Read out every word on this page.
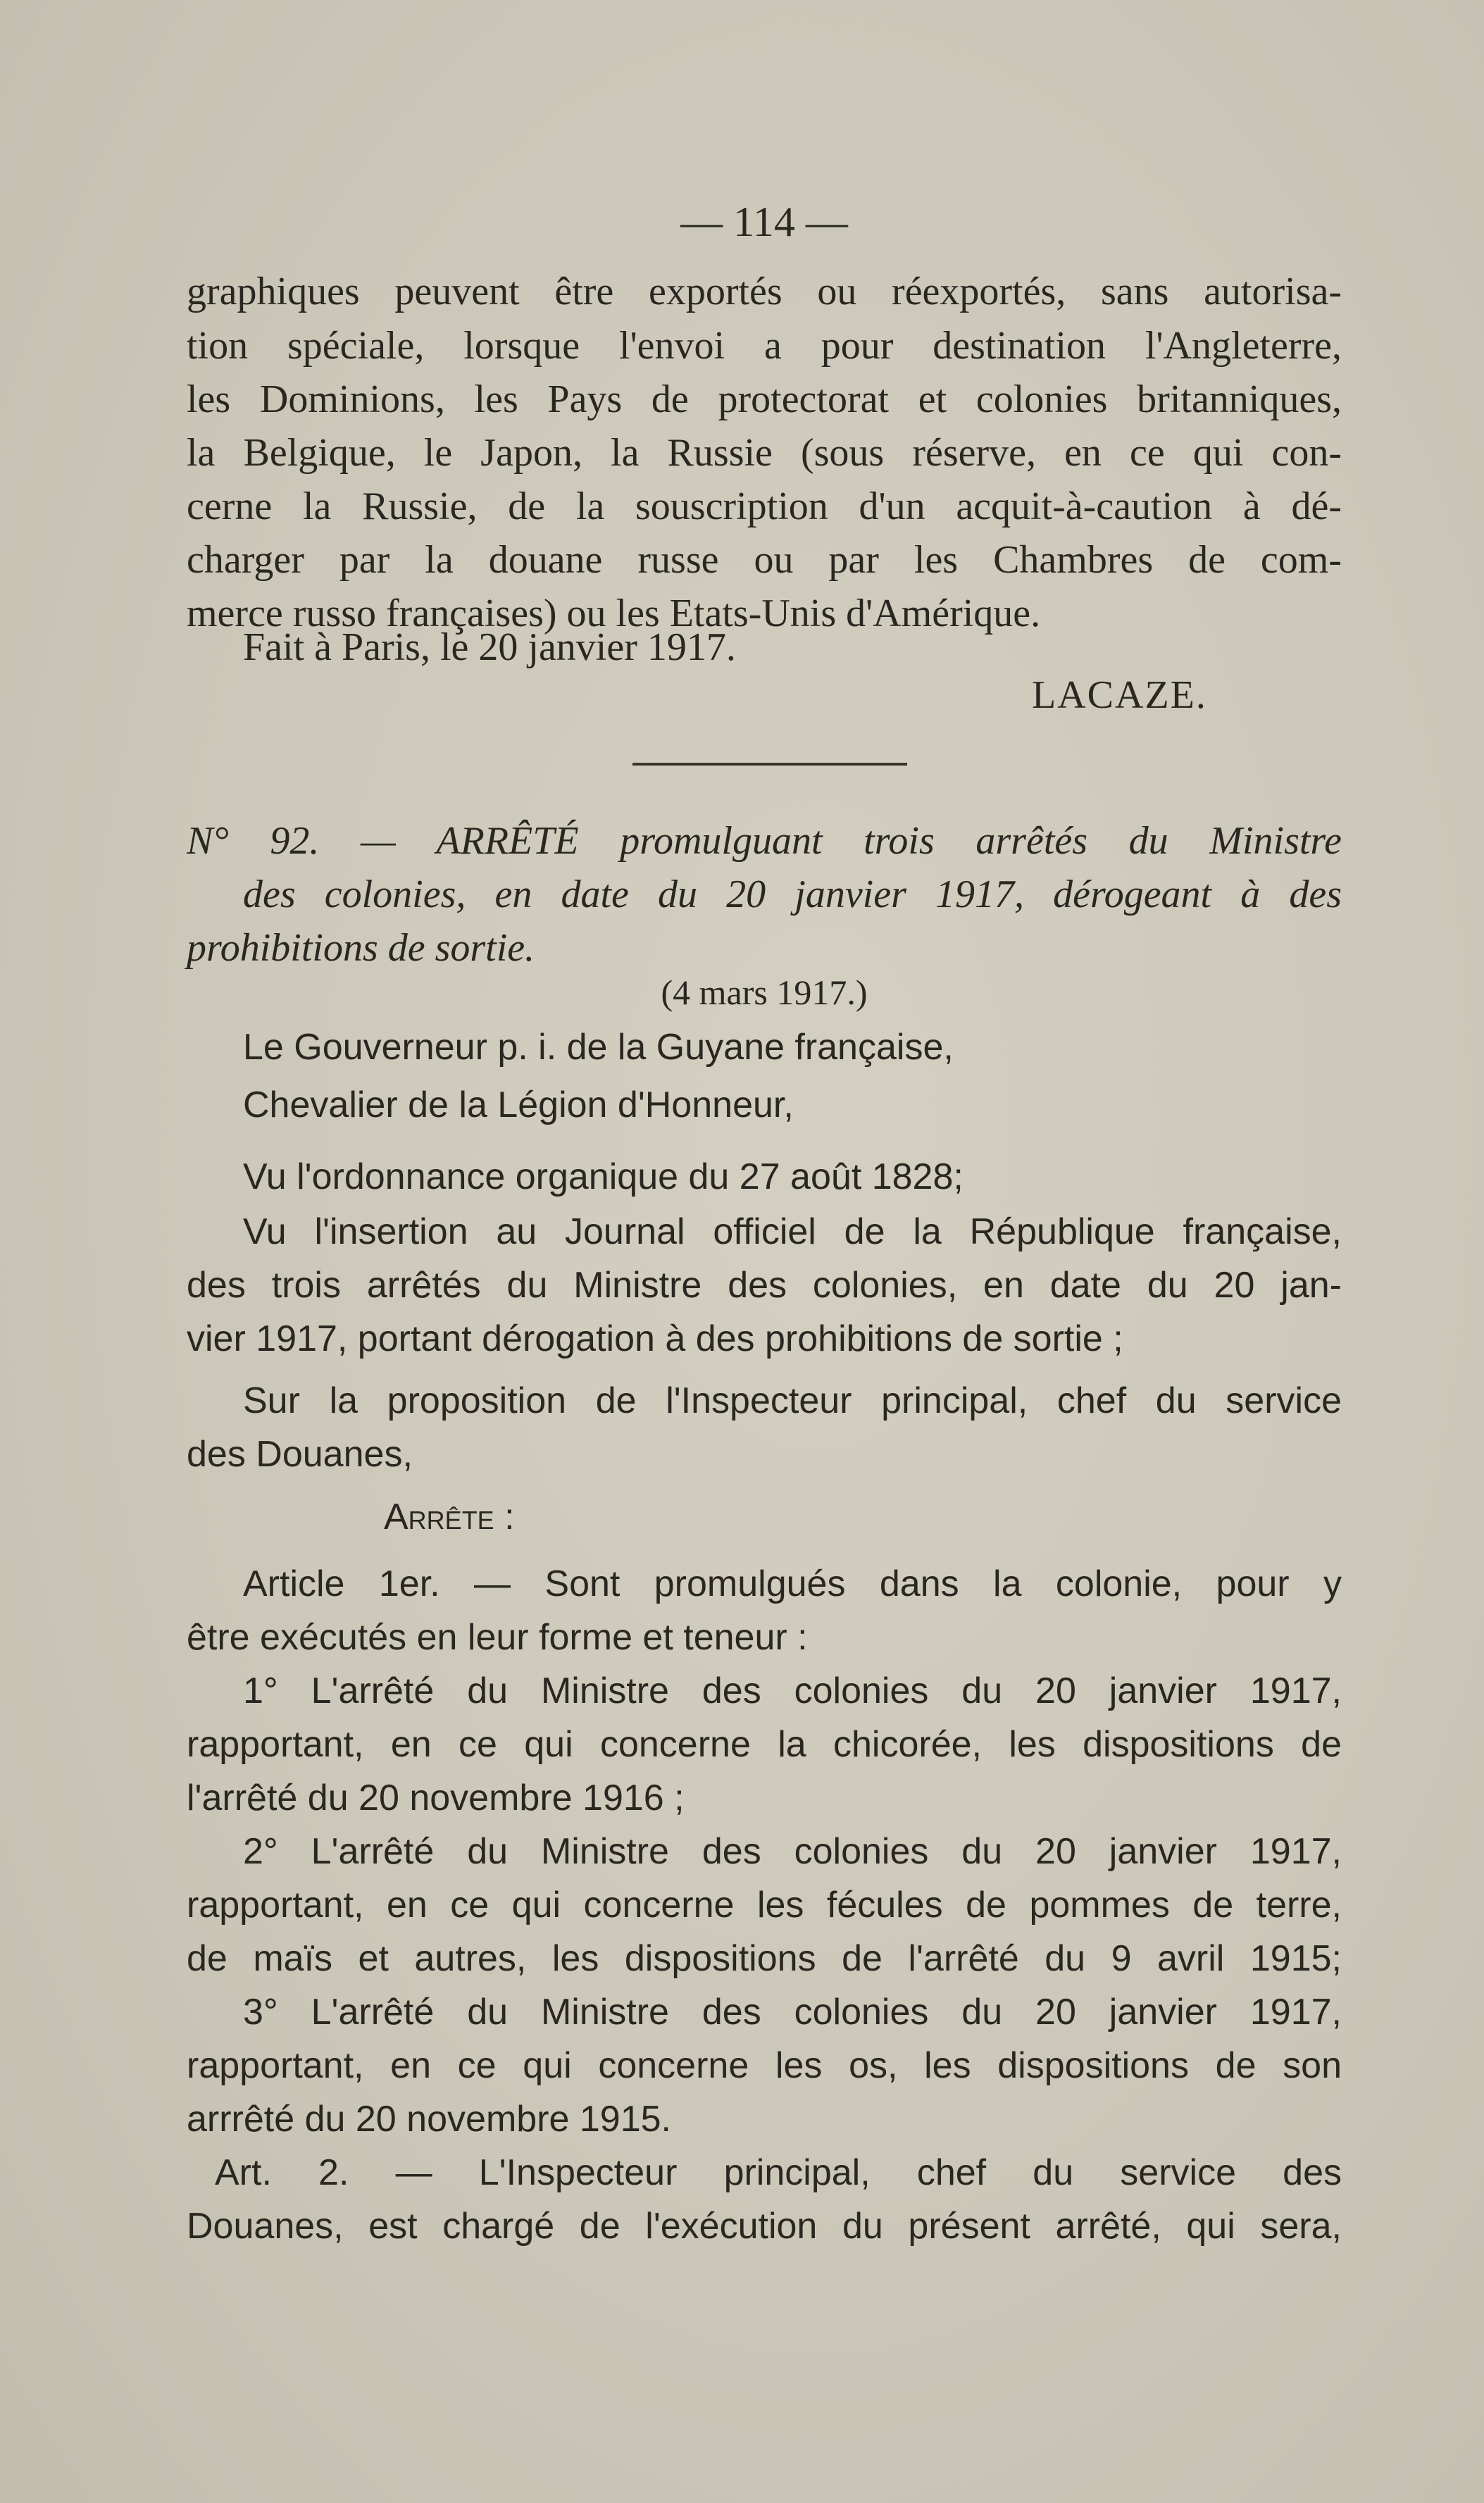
— 114 —
graphiques peuvent être exportés ou réexportés, sans autorisa-
tion spéciale, lorsque l'envoi a pour destination l'Angleterre,
les Dominions, les Pays de protectorat et colonies britanniques,
la Belgique, le Japon, la Russie (sous réserve, en ce qui con-
cerne la Russie, de la souscription d'un acquit-à-caution à dé-
charger par la douane russe ou par les Chambres de com-
merce russo françaises) ou les Etats-Unis d'Amérique.
Fait à Paris, le 20 janvier 1917.
LACAZE.
N° 92. — ARRÊTÉ promulguant trois arrêtés du Ministre
des colonies, en date du 20 janvier 1917, dérogeant à des
prohibitions de sortie.
(4 mars 1917.)
Le Gouverneur p. i. de la Guyane française,
Chevalier de la Légion d'Honneur,
Vu l'ordonnance organique du 27 août 1828;
Vu l'insertion au Journal officiel de la République française,
des trois arrêtés du Ministre des colonies, en date du 20 jan-
vier 1917, portant dérogation à des prohibitions de sortie ;
Sur la proposition de l'Inspecteur principal, chef du service
des Douanes,
Arrête :
Article 1er. — Sont promulgués dans la colonie, pour y
être exécutés en leur forme et teneur :
1° L'arrêté du Ministre des colonies du 20 janvier 1917,
rapportant, en ce qui concerne la chicorée, les dispositions de
l'arrêté du 20 novembre 1916 ;
2° L'arrêté du Ministre des colonies du 20 janvier 1917,
rapportant, en ce qui concerne les fécules de pommes de terre,
de maïs et autres, les dispositions de l'arrêté du 9 avril 1915;
3° L'arrêté du Ministre des colonies du 20 janvier 1917,
rapportant, en ce qui concerne les os, les dispositions de son
arrrêté du 20 novembre 1915.
Art. 2. — L'Inspecteur principal, chef du service des
Douanes, est chargé de l'exécution du présent arrêté, qui sera,
